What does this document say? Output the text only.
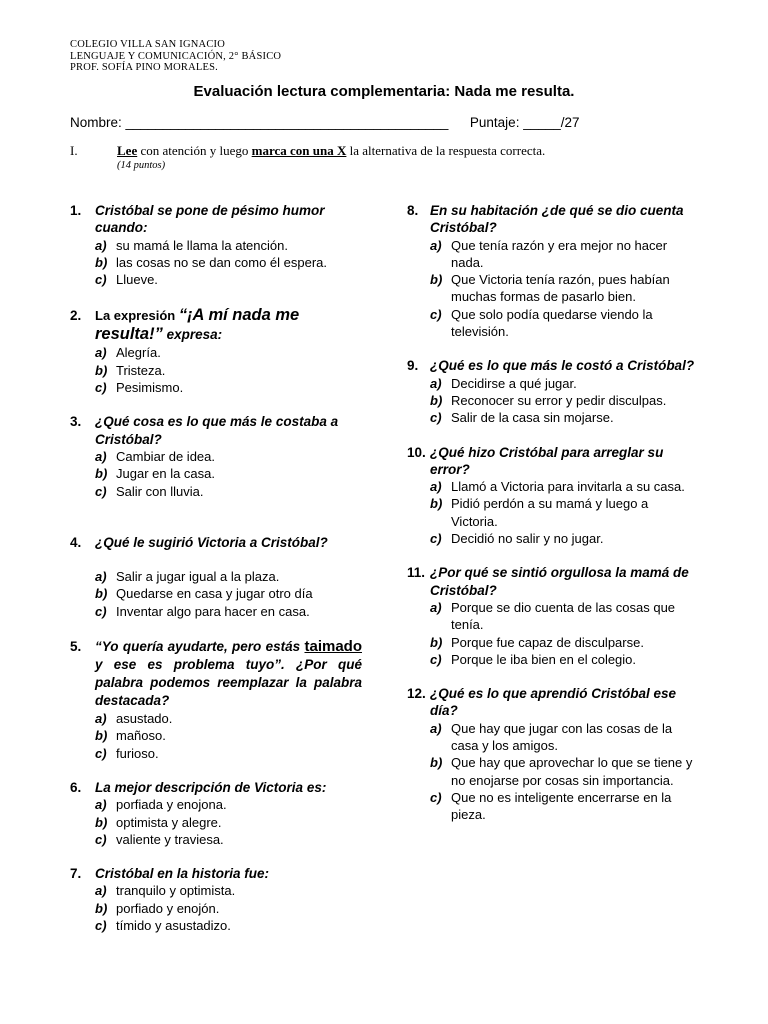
COLEGIO VILLA SAN IGNACIO
LENGUAJE Y COMUNICACIÓN, 2° BÁSICO
PROF. SOFÍA PINO MORALES.
Evaluación lectura complementaria: Nada me resulta.
Nombre: ___________________________________________ Puntaje: _____/27
I.	Lee con atención y luego marca con una X la alternativa de la respuesta correcta.
(14 puntos)
1.	Cristóbal se pone de pésimo humor cuando:
a) su mamá le llama la atención.
b) las cosas no se dan como él espera.
c) Llueve.
2.	La expresión “¡A mí nada me resulta!” expresa:
a) Alegría.
b) Tristeza.
c) Pesimismo.
3.	¿Qué cosa es lo que más le costaba a Cristóbal?
a) Cambiar de idea.
b) Jugar en la casa.
c) Salir con lluvia.
4.	¿Qué le sugirió Victoria a Cristóbal?
a) Salir a jugar igual a la plaza.
b) Quedarse en casa y jugar otro día
c) Inventar algo para hacer en casa.
5.	“Yo quería ayudarte, pero estás taimado y ese es problema tuyo”. ¿Por qué palabra podemos reemplazar la palabra destacada?
a) asustado.
b) mañoso.
c) furioso.
6.	La mejor descripción de Victoria es:
a) porfiada y enojona.
b) optimista y alegre.
c) valiente y traviesa.
7.	Cristóbal en la historia fue:
a) tranquilo y optimista.
b) porfiado y enojón.
c) tímido y asustadizo.
8. En su habitación ¿de qué se dio cuenta Cristóbal?
a) Que tenía razón y era mejor no hacer nada.
b) Que Victoria tenía razón, pues habían muchas formas de pasarlo bien.
c) Que solo podía quedarse viendo la televisión.
9. ¿Qué es lo que más le costó a Cristóbal?
a) Decidirse a qué jugar.
b) Reconocer su error y pedir disculpas.
c) Salir de la casa sin mojarse.
10. ¿Qué hizo Cristóbal para arreglar su error?
a) Llamó a Victoria para invitarla a su casa.
b) Pidió perdón a su mamá y luego a Victoria.
c) Decidió no salir y no jugar.
11. ¿Por qué se sintió orgullosa la mamá de Cristóbal?
a) Porque se dio cuenta de las cosas que tenía.
b) Porque fue capaz de disculparse.
c) Porque le iba bien en el colegio.
12. ¿Qué es lo que aprendió Cristóbal ese día?
a) Que hay que jugar con las cosas de la casa y los amigos.
b) Que hay que aprovechar lo que se tiene y no enojarse por cosas sin importancia.
c) Que no es inteligente encerrarse en la pieza.
